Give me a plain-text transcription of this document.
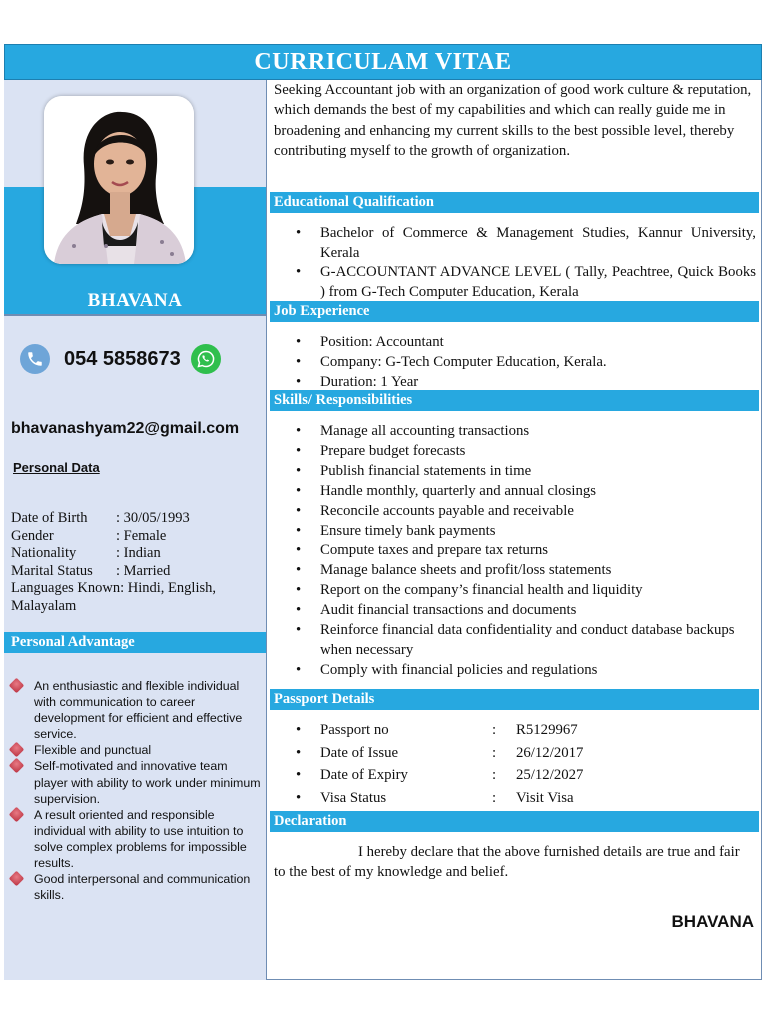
CURRICULAM VITAE
BHAVANA
054 5858673
bhavanashyam22@gmail.com
Personal Data
Date of Birth	: 30/05/1993
Gender	: Female
Nationality	: Indian
Marital Status	: Married
Languages Known: Hindi, English, Malayalam
Personal Advantage
An enthusiastic and flexible individual with communication to career development for efficient and effective service.
Flexible and punctual
Self-motivated and innovative team player with ability to work under minimum supervision.
A result oriented and responsible individual with ability to use intuition to solve complex problems for impossible results.
Good interpersonal and communication skills.
Seeking Accountant job with an organization of good work culture & reputation, which demands the best of my capabilities and which can really guide me in broadening and enhancing my current skills to the best possible level, thereby contributing myself to the growth of organization.
Educational Qualification
• Bachelor of Commerce & Management Studies, Kannur University, Kerala
• G-ACCOUNTANT ADVANCE LEVEL ( Tally, Peachtree, Quick Books ) from G-Tech Computer Education, Kerala
Job Experience
• Position: Accountant
• Company: G-Tech Computer Education, Kerala.
• Duration: 1 Year
Skills/ Responsibilities
• Manage all accounting transactions
• Prepare budget forecasts
• Publish financial statements in time
• Handle monthly, quarterly and annual closings
• Reconcile accounts payable and receivable
• Ensure timely bank payments
• Compute taxes and prepare tax returns
• Manage balance sheets and profit/loss statements
• Report on the company’s financial health and liquidity
• Audit financial transactions and documents
• Reinforce financial data confidentiality and conduct database backups when necessary
• Comply with financial policies and regulations
Passport Details
• Passport no	:	R5129967
• Date of Issue	:	26/12/2017
• Date of Expiry	:	25/12/2027
• Visa Status	:	Visit Visa
Declaration
I hereby declare that the above furnished details are true and fair to the best of my knowledge and belief.
BHAVANA
